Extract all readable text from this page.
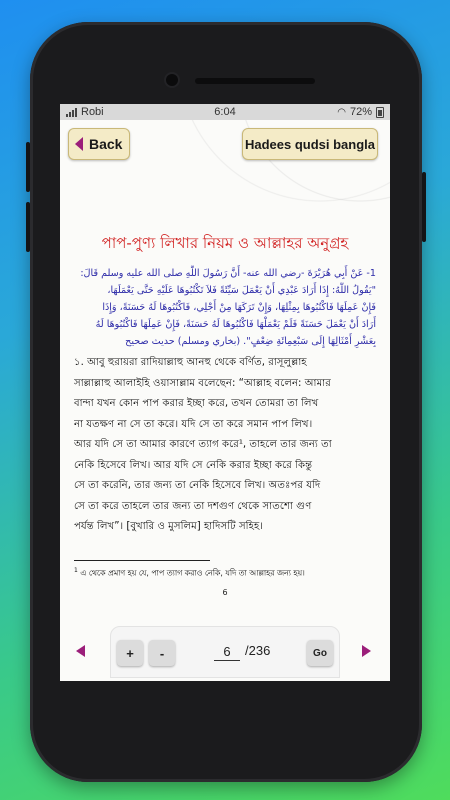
Robi	6:04	◠ 72%
Back	Hadees qudsi bangla
পাপ-পুণ্য লিখার নিয়ম ও আল্লাহর অনুগ্রহ
1- عَنْ أَبِي هُرَيْرَةَ -رضي الله عنه- أَنَّ رَسُولَ اللَّهِ صلى الله عليه وسلم قَالَ:
"يَقُولُ اللَّهُ: إِذَا أَرَادَ عَبْدِي أَنْ يَعْمَلَ سَيِّئَةً فَلاَ تَكْتُبُوهَا عَلَيْهِ حَتَّى يَعْمَلَهَا،
فَإِنْ عَمِلَهَا فَاكْتُبُوهَا بِمِثْلِهَا، وَإِنْ تَرَكَهَا مِنْ أَجْلِي، فَاكْتُبُوهَا لَهُ حَسَنَةً، وَإِذَا
أَرَادَ أَنْ يَعْمَلَ حَسَنَةً فَلَمْ يَعْمَلْهَا فَاكْتُبُوهَا لَهُ حَسَنَةً، فَإِنْ عَمِلَهَا فَاكْتُبُوهَا لَهُ
بِعَشْرِ أَمْثَالِهَا إِلَى سَبْعِمِائَةِ ضِعْفٍ". (بخاري ومسلم) حديث صحيح
১. আবু হুরায়রা রাদিয়াল্লাহু আনহু থেকে বর্ণিত, রাসূলুল্লাহ
সাল্লাল্লাহু আলাইহি ওয়াসাল্লাম বলেছেন: “আল্লাহ বলেন: আমার
বান্দা যখন কোন পাপ করার ইচ্ছা করে, তখন তোমরা তা লিখ
না যতক্ষণ না সে তা করে। যদি সে তা করে সমান পাপ লিখ।
আর যদি সে তা আমার কারণে ত্যাগ করে¹, তাহলে তার জন্য তা
নেকি হিসেবে লিখ। আর যদি সে নেকি করার ইচ্ছা করে কিন্তু
সে তা করেনি, তার জন্য তা নেকি হিসেবে লিখ। অতঃপর যদি
সে তা করে তাহলে তার জন্য তা দশগুণ থেকে সাতশো গুণ
পর্যন্ত লিখ”। [বুখারি ও মুসলিম] হাদিসটি সহিহ।
$^1$ এ থেকে প্রমাণ হয় যে, পাপ ত্যাগ করাও নেকি, যদি তা আল্লাহর জন্য হয়।
6
+	-
6	/236	Go
